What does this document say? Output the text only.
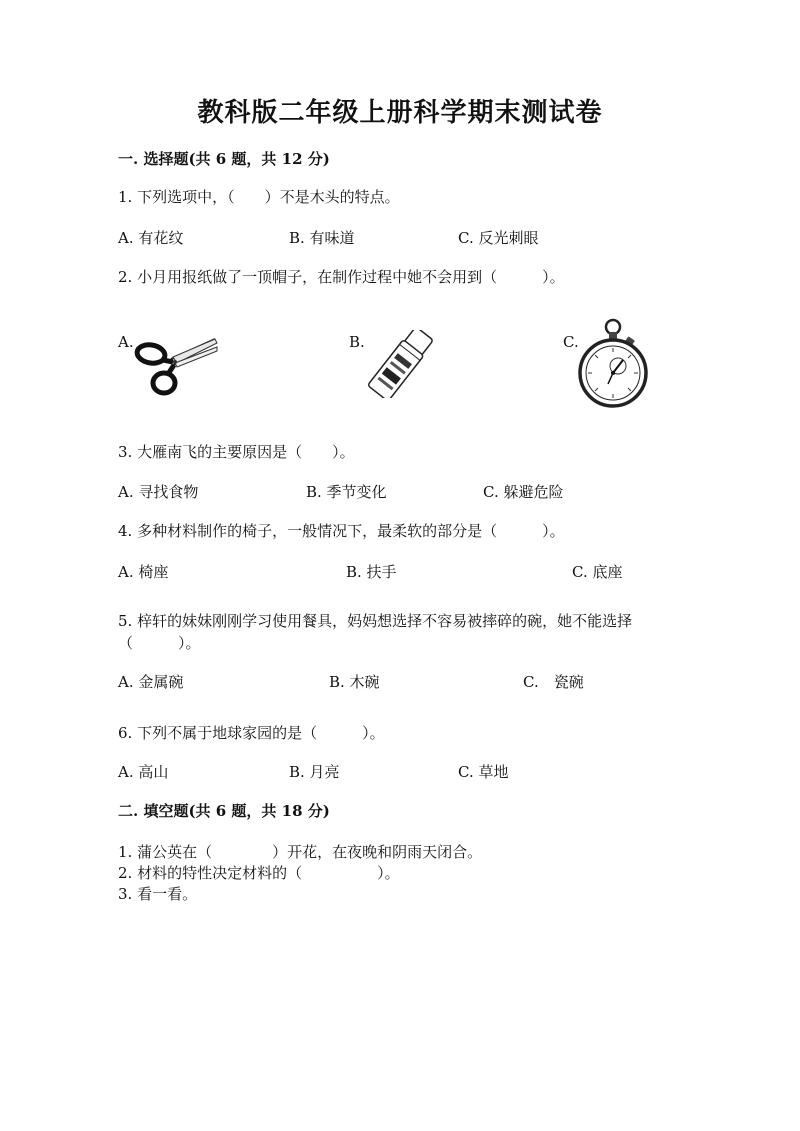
教科版二年级上册科学期末测试卷
一. 选择题(共 6 题，共 12 分)
1. 下列选项中，（　　）不是木头的特点。
A. 有花纹	B. 有味道	C. 反光刺眼
2. 小月用报纸做了一顶帽子，在制作过程中她不会用到（　　　）。
A.	B.	C.
3. 大雁南飞的主要原因是（　　）。
A. 寻找食物	B. 季节变化	C. 躲避危险
4. 多种材料制作的椅子，一般情况下，最柔软的部分是（　　　）。
A. 椅座	B. 扶手	C. 底座
5. 梓轩的妹妹刚刚学习使用餐具，妈妈想选择不容易被摔碎的碗，她不能选择
（　　　）。
A. 金属碗	B. 木碗	C.　瓷碗
6. 下列不属于地球家园的是（　　　）。
A. 高山	B. 月亮	C. 草地
二. 填空题(共 6 题，共 18 分)
1. 蒲公英在（　　　　）开花，在夜晚和阴雨天闭合。
2. 材料的特性决定材料的（　　　　　）。
3. 看一看。
